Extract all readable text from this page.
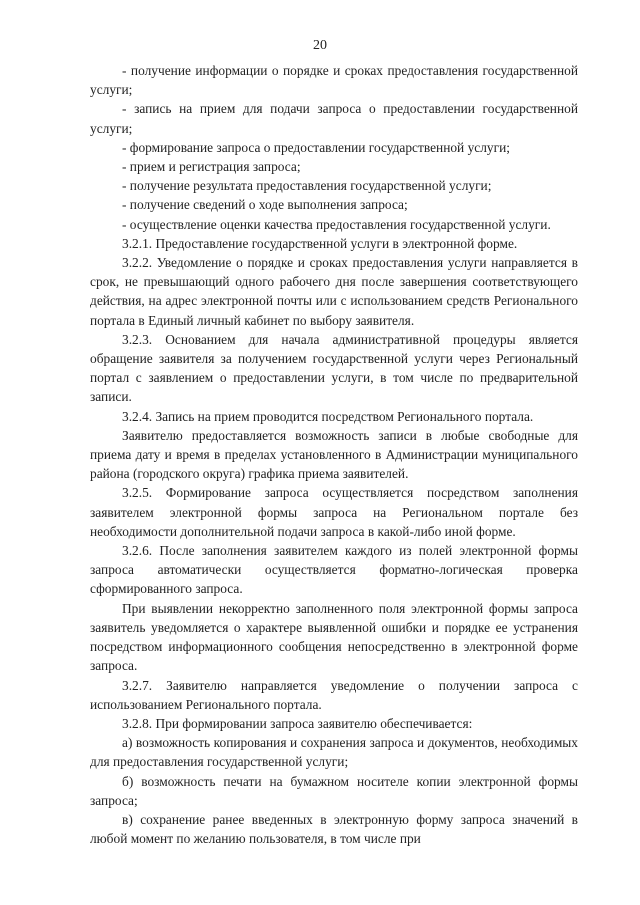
20

- получение информации о порядке и сроках предоставления государственной услуги;

- запись на прием для подачи запроса о предоставлении государственной услуги;

- формирование запроса о предоставлении государственной услуги;

- прием и регистрация запроса;

- получение результата предоставления государственной услуги;

- получение сведений о ходе выполнения запроса;

- осуществление оценки качества предоставления государственной услуги.

3.2.1. Предоставление государственной услуги в электронной форме.

3.2.2. Уведомление о порядке и сроках предоставления услуги направляется в срок, не превышающий одного рабочего дня после завершения соответствующего действия, на адрес электронной почты или с использованием средств Регионального портала в Единый личный кабинет по выбору заявителя.

3.2.3. Основанием для начала административной процедуры является обращение заявителя за получением государственной услуги через Региональный портал с заявлением о предоставлении услуги, в том числе по предварительной записи.

3.2.4. Запись на прием проводится посредством Регионального портала.

Заявителю предоставляется возможность записи в любые свободные для приема дату и время в пределах установленного в Администрации муниципального района (городского округа) графика приема заявителей.

3.2.5. Формирование запроса осуществляется посредством заполнения заявителем электронной формы запроса на Региональном портале без необходимости дополнительной подачи запроса в какой-либо иной форме.

3.2.6. После заполнения заявителем каждого из полей электронной формы запроса автоматически осуществляется форматно-логическая проверка сформированного запроса.

При выявлении некорректно заполненного поля электронной формы запроса заявитель уведомляется о характере выявленной ошибки и порядке ее устранения посредством информационного сообщения непосредственно в электронной форме запроса.

3.2.7. Заявителю направляется уведомление о получении запроса с использованием Регионального портала.

3.2.8. При формировании запроса заявителю обеспечивается:

а) возможность копирования и сохранения запроса и документов, необходимых для предоставления государственной услуги;

б) возможность печати на бумажном носителе копии электронной формы запроса;

в) сохранение ранее введенных в электронную форму запроса значений в любой момент по желанию пользователя, в том числе при
